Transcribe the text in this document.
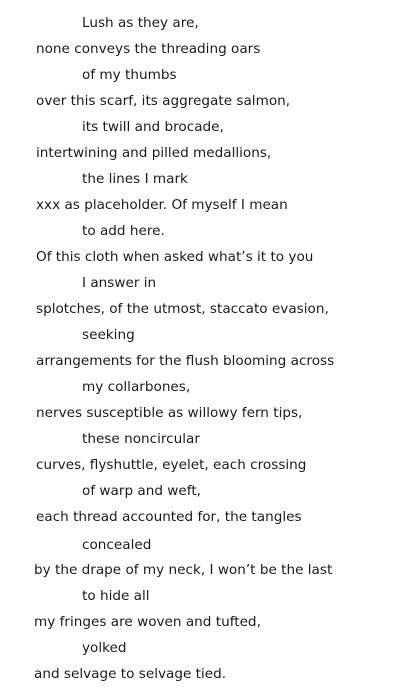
Lush as they are,
none conveys the threading oars
of my thumbs
over this scarf, its aggregate salmon,
its twill and brocade,
intertwining and pilled medallions,
the lines I mark
xxx as placeholder. Of myself I mean
to add here.
Of this cloth when asked what’s it to you
I answer in
splotches, of the utmost, staccato evasion,
seeking
arrangements for the flush blooming across
my collarbones,
nerves susceptible as willowy fern tips,
these noncircular
curves, flyshuttle, eyelet, each crossing
of warp and weft,
each thread accounted for, the tangles
concealed
by the drape of my neck, I won’t be the last
to hide all
my fringes are woven and tufted,
yolked
and selvage to selvage tied.
